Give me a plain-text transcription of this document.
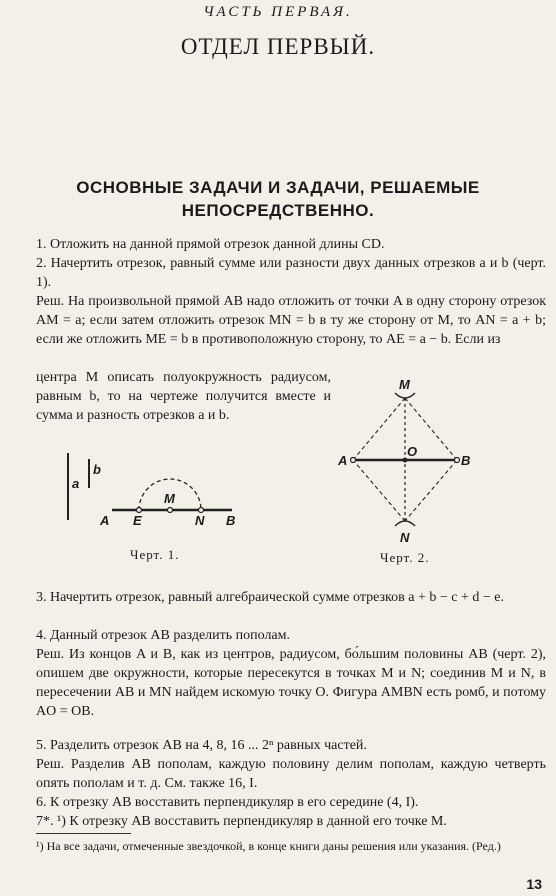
ЧАСТЬ ПЕРВАЯ.
ОТДЕЛ ПЕРВЫЙ.
ОСНОВНЫЕ ЗАДАЧИ И ЗАДАЧИ, РЕШАЕМЫЕ
НЕПОСРЕДСТВЕННО.

1. Отложить на данной прямой отрезок данной длины CD.

2. Начертить отрезок, равный сумме или разности двух данных отрезков a и b (черт. 1).

Реш. На произвольной прямой AB надо отложить от точки A в одну сторону отрезок AM = a; если затем отложить отрезок MN = b в ту же сторону от M, то AN = a + b; если же отложить ME = b в противоположную сторону, то AE = a − b. Если из

центра M описать полуокружность радиусом, равным b, то на чертеже получится вместе и сумма и разность отрезков a и b.

a
b
A E
M
N B
Черт. 1.
M
A
O
B
N
Черт. 2.

3. Начертить отрезок, равный алгебраической сумме отрезков a + b − c + d − e.

4. Данный отрезок AB разделить пополам.

Реш. Из концов A и B, как из центров, радиусом, бо́льшим половины AB (черт. 2), опишем две окружности, которые пересекутся в точках M и N; соединив M и N, в пересечении AB и MN найдем искомую точку O. Фигура AMBN есть ромб, и потому AO = OB.

5. Разделить отрезок AB на 4, 8, 16 ... 2ⁿ равных частей.

Реш. Разделив AB пополам, каждую половину делим пополам, каждую четверть опять пополам и т. д. См. также 16, I.

6. К отрезку AB восставить перпендикуляр в его середине (4, I).

7*. ¹) К отрезку AB восставить перпендикуляр в данной его точке M.

¹) На все задачи, отмеченные звездочкой, в конце книги даны решения или указания. (Ред.)
13
